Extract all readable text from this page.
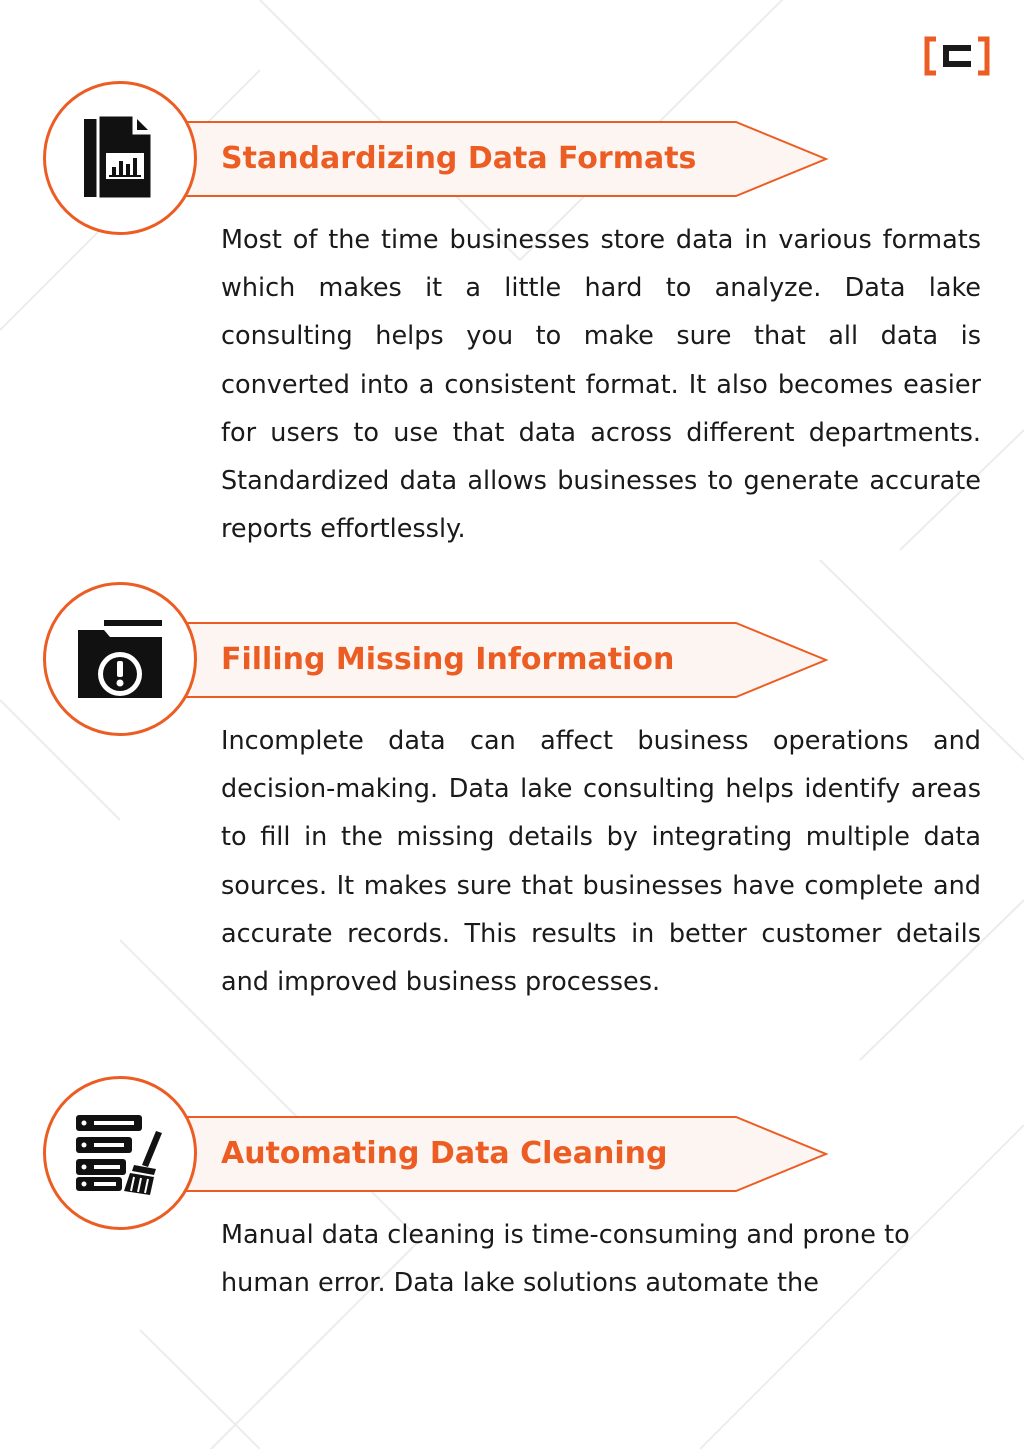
Standardizing Data Formats

Most of the time businesses store data in various formats which makes it a little hard to analyze. Data lake consulting helps you to make sure that all data is converted into a consistent format. It also becomes easier for users to use that data across different departments. Standardized data allows businesses to generate accurate reports effortlessly.

Filling Missing Information

Incomplete data can affect business operations and decision-making. Data lake consulting helps identify areas to fill in the missing details by integrating multiple data sources. It makes sure that businesses have complete and accurate records. This results in better customer details and improved business processes.

Automating Data Cleaning

Manual data cleaning is time-consuming and prone to human error. Data lake solutions automate the
